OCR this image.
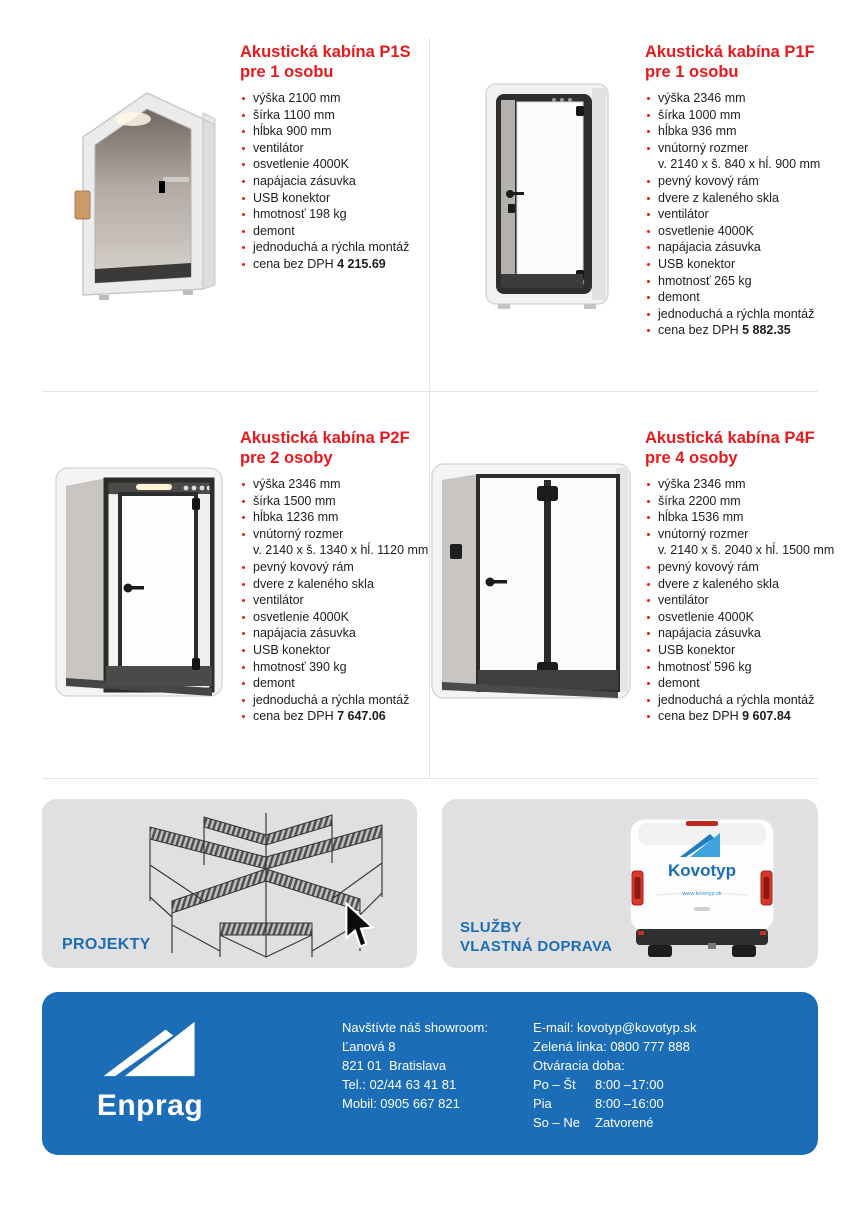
Akustická kabína P1S
pre 1 osobu
výška 2100 mm
šírka 1100 mm
hĺbka 900 mm
ventilátor
osvetlenie 4000K
napájacia zásuvka
USB konektor
hmotnosť 198 kg
demont
jednoduchá a rýchla montáž
cena bez DPH 4 215.69
Akustická kabína P1F
pre 1 osobu
výška 2346 mm
šírka 1000 mm
hĺbka 936 mm
vnútorný rozmer
v. 2140 x š. 840 x hĺ. 900 mm
pevný kovový rám
dvere z kaleného skla
ventilátor
osvetlenie 4000K
napájacia zásuvka
USB konektor
hmotnosť 265 kg
demont
jednoduchá a rýchla montáž
cena bez DPH 5 882.35
Akustická kabína P2F
pre 2 osoby
výška 2346 mm
šírka 1500 mm
hĺbka 1236 mm
vnútorný rozmer
v. 2140 x š. 1340 x hĺ. 1120 mm
pevný kovový rám
dvere z kaleného skla
ventilátor
osvetlenie 4000K
napájacia zásuvka
USB konektor
hmotnosť 390 kg
demont
jednoduchá a rýchla montáž
cena bez DPH 7 647.06
Akustická kabína P4F
pre 4 osoby
výška 2346 mm
šírka 2200 mm
hĺbka 1536 mm
vnútorný rozmer
v. 2140 x š. 2040 x hĺ. 1500 mm
pevný kovový rám
dvere z kaleného skla
ventilátor
osvetlenie 4000K
napájacia zásuvka
USB konektor
hmotnosť 596 kg
demont
jednoduchá a rýchla montáž
cena bez DPH 9 607.84
PROJEKTY
Kovotyp
www.kovotyp.sk
SLUŽBY
VLASTNÁ DOPRAVA
Enprag
Navštívte náš showroom:
Ľanová 8
821 01  Bratislava
Tel.: 02/44 63 41 81
Mobil: 0905 667 821
E-mail: kovotyp@kovotyp.sk
Zelená linka: 0800 777 888
Otváracia doba:
Po – Št 8:00 –17:00
Pia	8:00 –16:00
So – Ne Zatvorené
